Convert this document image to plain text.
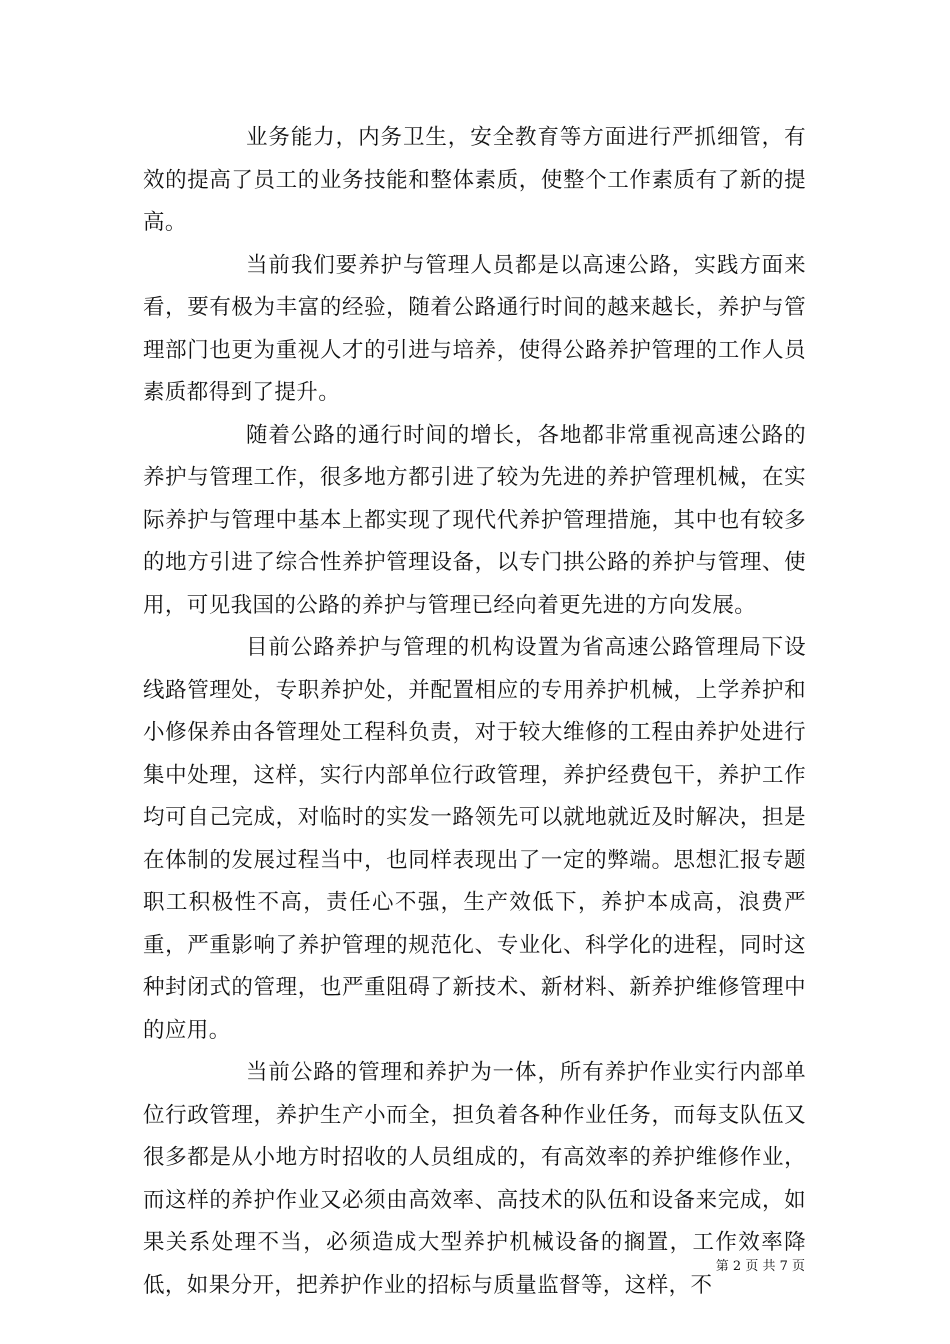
业务能力，内务卫生，安全教育等方面进行严抓细管，有效的提高了员工的业务技能和整体素质，使整个工作素质有了新的提高。

当前我们要养护与管理人员都是以高速公路，实践方面来看，要有极为丰富的经验，随着公路通行时间的越来越长，养护与管理部门也更为重视人才的引进与培养，使得公路养护管理的工作人员素质都得到了提升。

随着公路的通行时间的增长，各地都非常重视高速公路的养护与管理工作，很多地方都引进了较为先进的养护管理机械，在实际养护与管理中基本上都实现了现代代养护管理措施，其中也有较多的地方引进了综合性养护管理设备，以专门拱公路的养护与管理、使用，可见我国的公路的养护与管理已经向着更先进的方向发展。

目前公路养护与管理的机构设置为省高速公路管理局下设线路管理处，专职养护处，并配置相应的专用养护机械，上学养护和小修保养由各管理处工程科负责，对于较大维修的工程由养护处进行集中处理，这样，实行内部单位行政管理，养护经费包干，养护工作均可自己完成，对临时的实发一路领先可以就地就近及时解决，担是在体制的发展过程当中，也同样表现出了一定的弊端。思想汇报专题职工积极性不高，责任心不强，生产效低下，养护本成高，浪费严重，严重影响了养护管理的规范化、专业化、科学化的进程，同时这种封闭式的管理，也严重阻碍了新技术、新材料、新养护维修管理中的应用。

当前公路的管理和养护为一体，所有养护作业实行内部单位行政管理，养护生产小而全，担负着各种作业任务，而每支队伍又很多都是从小地方时招收的人员组成的，有高效率的养护维修作业，而这样的养护作业又必须由高效率、高技术的队伍和设备来完成，如果关系处理不当，必须造成大型养护机械设备的搁置，工作效率降低，如果分开，把养护作业的招标与质量监督等，这样，不

第 2 页 共 7 页
